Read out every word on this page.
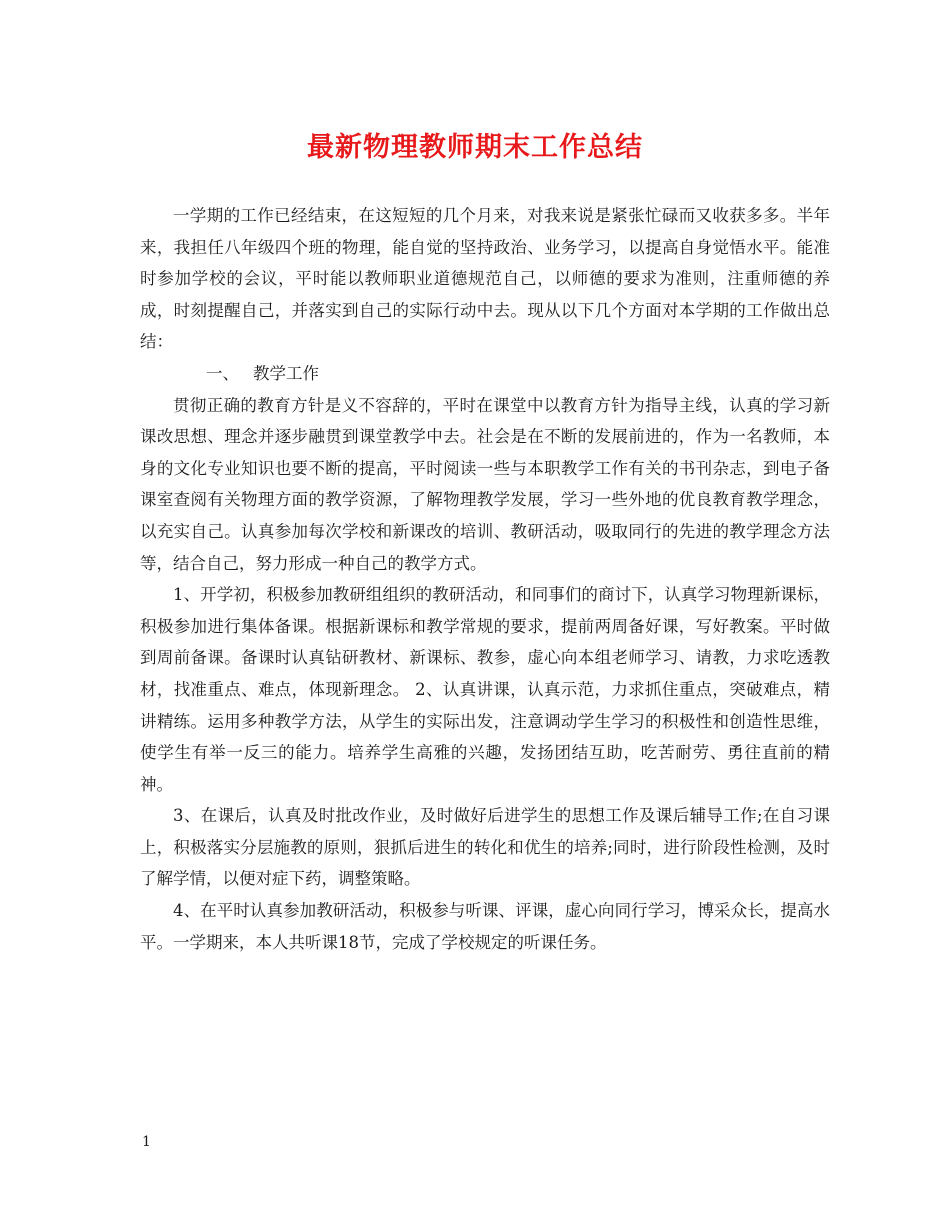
最新物理教师期末工作总结

一学期的工作已经结束，在这短短的几个月来，对我来说是紧张忙碌而又收获多多。半年来，我担任八年级四个班的物理，能自觉的坚持政治、业务学习，以提高自身觉悟水平。能准时参加学校的会议，平时能以教师职业道德规范自己，以师德的要求为准则，注重师德的养成，时刻提醒自己，并落实到自己的实际行动中去。现从以下几个方面对本学期的工作做出总结：

一、 教学工作

贯彻正确的教育方针是义不容辞的，平时在课堂中以教育方针为指导主线，认真的学习新课改思想、理念并逐步融贯到课堂教学中去。社会是在不断的发展前进的，作为一名教师，本身的文化专业知识也要不断的提高，平时阅读一些与本职教学工作有关的书刊杂志，到电子备课室查阅有关物理方面的教学资源，了解物理教学发展，学习一些外地的优良教育教学理念，以充实自己。认真参加每次学校和新课改的培训、教研活动，吸取同行的先进的教学理念方法等，结合自己，努力形成一种自己的教学方式。

1、开学初，积极参加教研组组织的教研活动，和同事们的商讨下，认真学习物理新课标，积极参加进行集体备课。根据新课标和教学常规的要求，提前两周备好课，写好教案。平时做到周前备课。备课时认真钻研教材、新课标、教参，虚心向本组老师学习、请教，力求吃透教材，找准重点、难点，体现新理念。 2、认真讲课，认真示范，力求抓住重点，突破难点，精讲精练。运用多种教学方法，从学生的实际出发，注意调动学生学习的积极性和创造性思维，使学生有举一反三的能力。培养学生高雅的兴趣，发扬团结互助，吃苦耐劳、勇往直前的精神。

3、在课后，认真及时批改作业，及时做好后进学生的思想工作及课后辅导工作;在自习课上，积极落实分层施教的原则，狠抓后进生的转化和优生的培养;同时，进行阶段性检测，及时了解学情，以便对症下药，调整策略。

4、在平时认真参加教研活动，积极参与听课、评课，虚心向同行学习，博采众长，提高水平。一学期来，本人共听课18节，完成了学校规定的听课任务。

1
